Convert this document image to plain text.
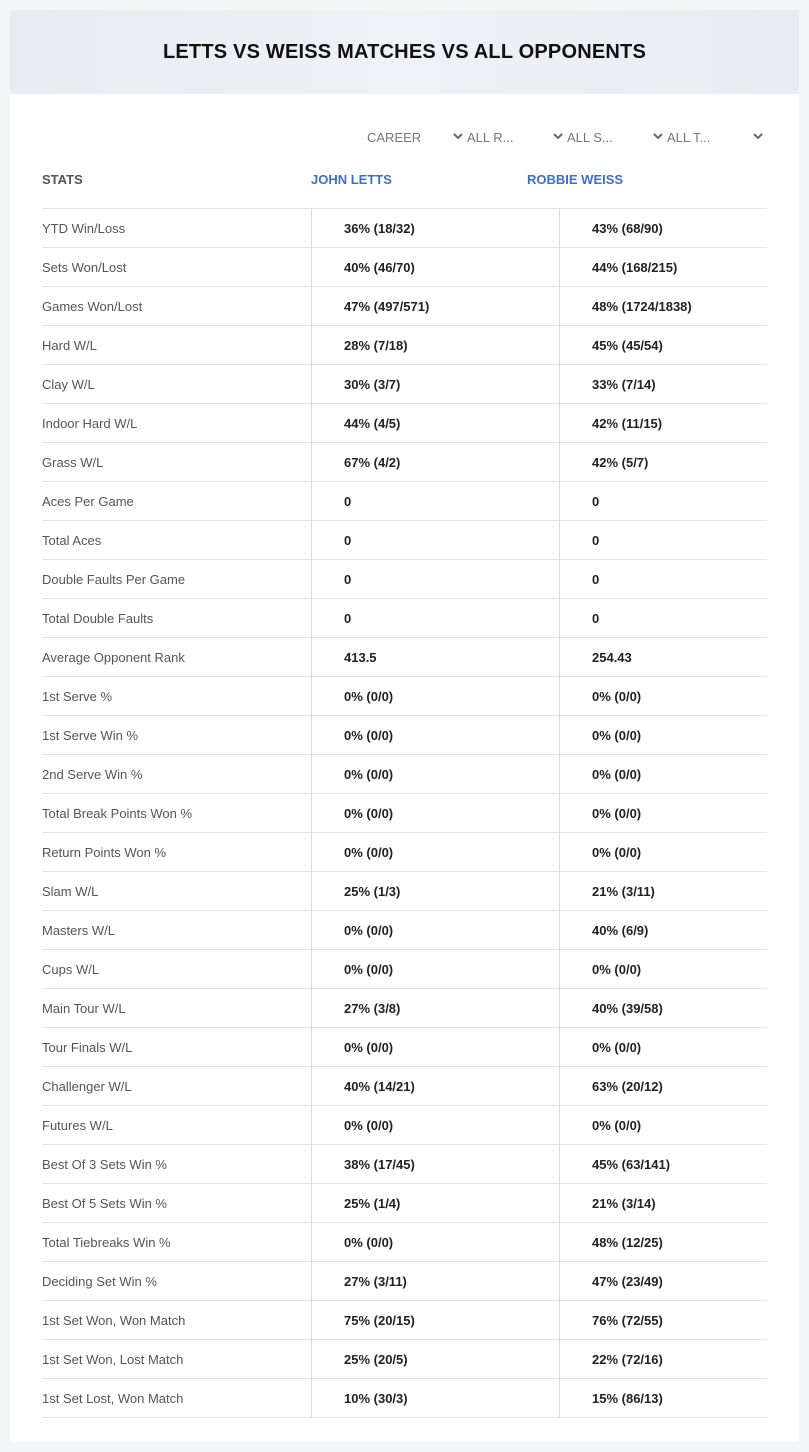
LETTS VS WEISS MATCHES VS ALL OPPONENTS
CAREER	ALL R...	ALL S...	ALL T...
STATS	JOHN LETTS	ROBBIE WEISS
YTD Win/Loss	36% (18/32)	43% (68/90)
Sets Won/Lost	40% (46/70)	44% (168/215)
Games Won/Lost	47% (497/571)	48% (1724/1838)
Hard W/L	28% (7/18)	45% (45/54)
Clay W/L	30% (3/7)	33% (7/14)
Indoor Hard W/L	44% (4/5)	42% (11/15)
Grass W/L	67% (4/2)	42% (5/7)
Aces Per Game	0	0
Total Aces	0	0
Double Faults Per Game	0	0
Total Double Faults	0	0
Average Opponent Rank	413.5	254.43
1st Serve %	0% (0/0)	0% (0/0)
1st Serve Win %	0% (0/0)	0% (0/0)
2nd Serve Win %	0% (0/0)	0% (0/0)
Total Break Points Won %	0% (0/0)	0% (0/0)
Return Points Won %	0% (0/0)	0% (0/0)
Slam W/L	25% (1/3)	21% (3/11)
Masters W/L	0% (0/0)	40% (6/9)
Cups W/L	0% (0/0)	0% (0/0)
Main Tour W/L	27% (3/8)	40% (39/58)
Tour Finals W/L	0% (0/0)	0% (0/0)
Challenger W/L	40% (14/21)	63% (20/12)
Futures W/L	0% (0/0)	0% (0/0)
Best Of 3 Sets Win %	38% (17/45)	45% (63/141)
Best Of 5 Sets Win %	25% (1/4)	21% (3/14)
Total Tiebreaks Win %	0% (0/0)	48% (12/25)
Deciding Set Win %	27% (3/11)	47% (23/49)
1st Set Won, Won Match	75% (20/15)	76% (72/55)
1st Set Won, Lost Match	25% (20/5)	22% (72/16)
1st Set Lost, Won Match	10% (30/3)	15% (86/13)
